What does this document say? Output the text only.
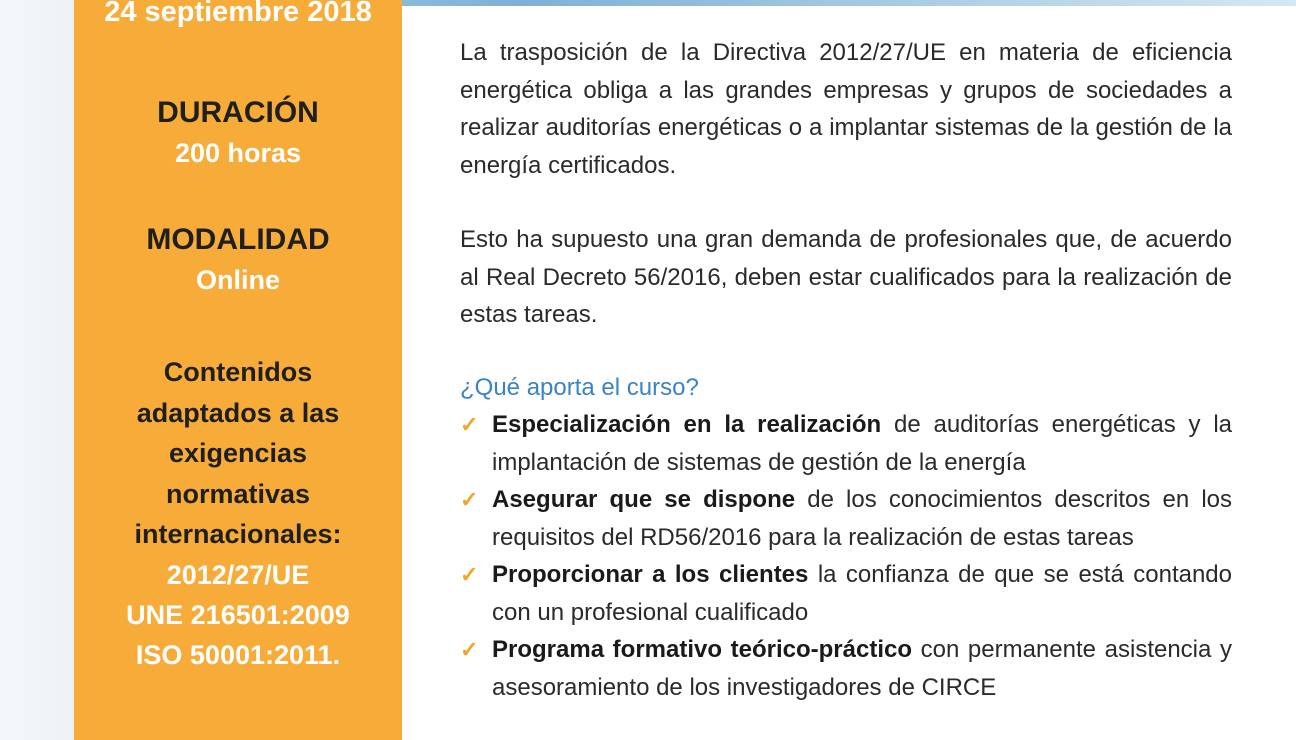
24 septiembre 2018
DURACIÓN
200 horas
MODALIDAD
Online
Contenidos
adaptados a las
exigencias
normativas
internacionales:
2012/27/UE
UNE 216501:2009
ISO 50001:2011.

La trasposición de la Directiva 2012/27/UE en materia de eficiencia energética obliga a las grandes empresas y grupos de sociedades a realizar auditorías energéticas o a implantar sistemas de la gestión de la energía certificados.

Esto ha supuesto una gran demanda de profesionales que, de acuerdo al Real Decreto 56/2016, deben estar cualificados para la realización de estas tareas.

¿Qué aporta el curso?
✓ Especialización en la realización de auditorías energéticas y la implantación de sistemas de gestión de la energía
✓ Asegurar que se dispone de los conocimientos descritos en los requisitos del RD56/2016 para la realización de estas tareas
✓ Proporcionar a los clientes la confianza de que se está contando con un profesional cualificado
✓ Programa formativo teórico-práctico con permanente asistencia y asesoramiento de los investigadores de CIRCE
